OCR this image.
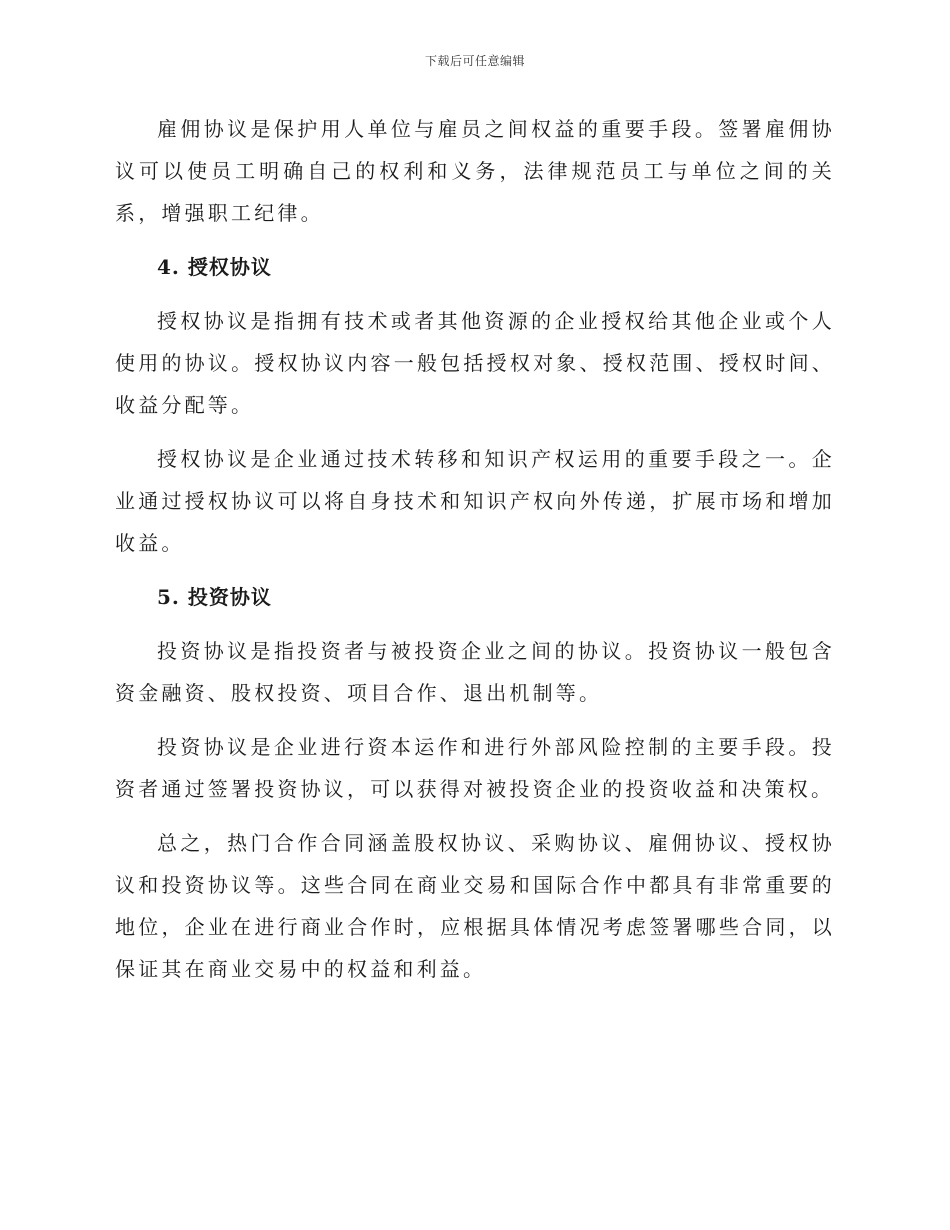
下载后可任意编辑

雇佣协议是保护用人单位与雇员之间权益的重要手段。签署雇佣协议可以使员工明确自己的权利和义务，法律规范员工与单位之间的关系，增强职工纪律。

4. 授权协议

授权协议是指拥有技术或者其他资源的企业授权给其他企业或个人使用的协议。授权协议内容一般包括授权对象、授权范围、授权时间、收益分配等。

授权协议是企业通过技术转移和知识产权运用的重要手段之一。企业通过授权协议可以将自身技术和知识产权向外传递，扩展市场和增加收益。

5. 投资协议

投资协议是指投资者与被投资企业之间的协议。投资协议一般包含资金融资、股权投资、项目合作、退出机制等。

投资协议是企业进行资本运作和进行外部风险控制的主要手段。投资者通过签署投资协议，可以获得对被投资企业的投资收益和决策权。

总之，热门合作合同涵盖股权协议、采购协议、雇佣协议、授权协议和投资协议等。这些合同在商业交易和国际合作中都具有非常重要的地位，企业在进行商业合作时，应根据具体情况考虑签署哪些合同，以保证其在商业交易中的权益和利益。
